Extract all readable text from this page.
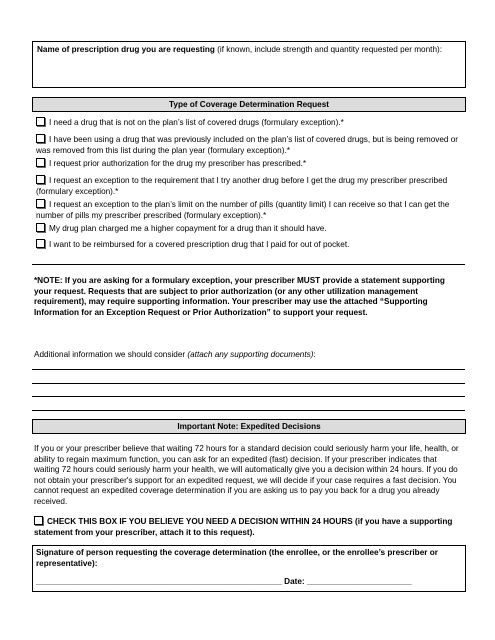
Name of prescription drug you are requesting (if known, include strength and quantity requested per month):
Type of Coverage Determination Request
I need a drug that is not on the plan’s list of covered drugs (formulary exception).*
I have been using a drug that was previously included on the plan’s list of covered drugs, but is being removed or was removed from this list during the plan year (formulary exception).*
I request prior authorization for the drug my prescriber has prescribed.*
I request an exception to the requirement that I try another drug before I get the drug my prescriber prescribed (formulary exception).*
I request an exception to the plan’s limit on the number of pills (quantity limit) I can receive so that I can get the number of pills my prescriber prescribed (formulary exception).*
My drug plan charged me a higher copayment for a drug than it should have.
I want to be reimbursed for a covered prescription drug that I paid for out of pocket.
*NOTE: If you are asking for a formulary exception, your prescriber MUST provide a statement supporting your request. Requests that are subject to prior authorization (or any other utilization management requirement), may require supporting information. Your prescriber may use the attached “Supporting Information for an Exception Request or Prior Authorization” to support your request.
Additional information we should consider (attach any supporting documents):
Important Note: Expedited Decisions
If you or your prescriber believe that waiting 72 hours for a standard decision could seriously harm your life, health, or ability to regain maximum function, you can ask for an expedited (fast) decision. If your prescriber indicates that waiting 72 hours could seriously harm your health, we will automatically give you a decision within 24 hours. If you do not obtain your prescriber's support for an expedited request, we will decide if your case requires a fast decision. You cannot request an expedited coverage determination if you are asking us to pay you back for a drug you already received.
CHECK THIS BOX IF YOU BELIEVE YOU NEED A DECISION WITHIN 24 HOURS (if you have a supporting statement from your prescriber, attach it to this request).
Signature of person requesting the coverage determination (the enrollee, or the enrollee’s prescriber or representative):
______________________________________________________ Date: _______________________
